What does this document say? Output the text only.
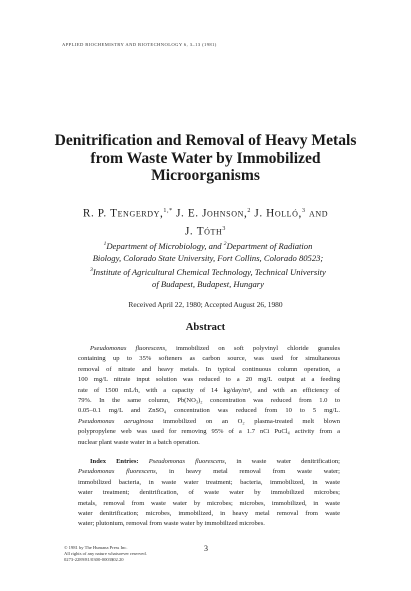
APPLIED BIOCHEMISTRY AND BIOTECHNOLOGY 6, 3–13 (1981)
Denitrification and Removal of Heavy Metals
from Waste Water by Immobilized
Microorganisms
R. P. Tengerdy,$^{1,*}$ J. E. Johnson,$^2$ J. Holló,$^3$ and
J. Tóth$^3$
$^1$Department of Microbiology, and $^2$Department of Radiation
Biology, Colorado State University, Fort Collins, Colorado 80523;
$^3$Institute of Agricultural Chemical Technology, Technical University
of Budapest, Budapest, Hungary
Received April 22, 1980; Accepted August 26, 1980
Abstract
Pseudomonas fluorescens, immobilized on soft polyvinyl chloride granules
containing up to 35% softeners as carbon source, was used for simultaneous
removal of nitrate and heavy metals. In typical continuous column operation, a
100 mg/L nitrate input solution was reduced to a 20 mg/L output at a feeding
rate of 1500 mL/h, with a capacity of 14 kg/day/m³, and with an efficiency of
79%. In the same column, Pb(NO₃)₂ concentration was reduced from 1.0 to
0.05–0.1 mg/L and ZnSO₄ concentration was reduced from 10 to 5 mg/L.
Pseudomonas aeruginosa immobilized on an O₂ plasma-treated melt blown
polypropylene web was used for removing 95% of a 1.7 nCi PuCl₄ activity from a
nuclear plant waste water in a batch operation.
Index Entries: Pseudomonas fluorescens, in waste water denitrification;
Pseudomonas fluorescens, in heavy metal removal from waste water;
immobilized bacteria, in waste water treatment; bacteria, immobilized, in waste
water treatment; denitrification, of waste water by immobilized microbes;
metals, removal from waste water by microbes; microbes, immobilized, in waste
water denitrification; microbes, immobilized, in heavy metal removal from waste
water; plutonium, removal from waste water by immobilized microbes.
© 1981 by The Humana Press Inc.
All rights of any nature whatsoever reserved.
0273-2289/81/0300-0003$02.20
3
